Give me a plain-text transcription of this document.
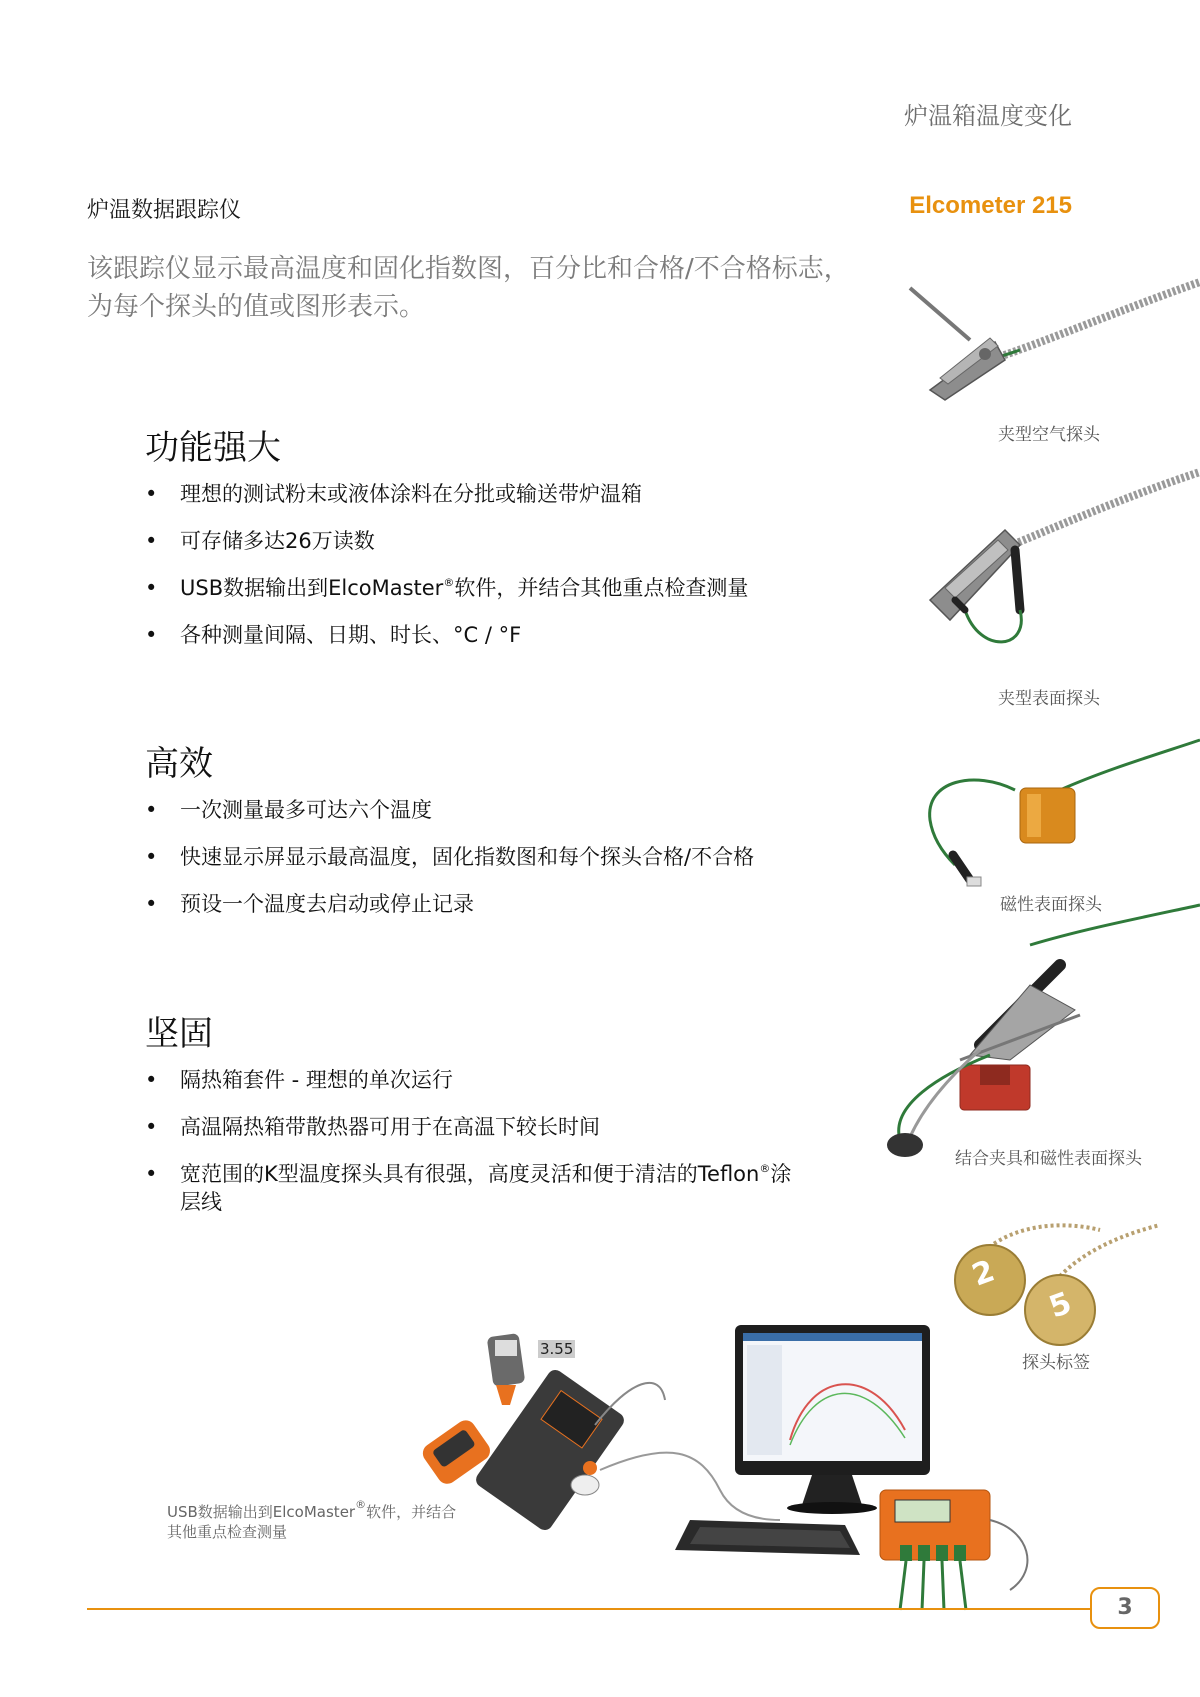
炉温箱温度变化
炉温数据跟踪仪	Elcometer 215
该跟踪仪显示最高温度和固化指数图，百分比和合格/不合格标志，为每个探头的值或图形表示。
功能强大
• 理想的测试粉末或液体涂料在分批或输送带炉温箱
• 可存储多达26万读数
• USB数据输出到ElcoMaster®软件，并结合其他重点检查测量
• 各种测量间隔、日期、时长、°C / °F
高效
• 一次测量最多可达六个温度
• 快速显示屏显示最高温度，固化指数图和每个探头合格/不合格
• 预设一个温度去启动或停止记录
坚固
• 隔热箱套件 - 理想的单次运行
• 高温隔热箱带散热器可用于在高温下较长时间
• 宽范围的K型温度探头具有很强，高度灵活和便于清洁的Teflon®涂层线
夹型空气探头
夹型表面探头
磁性表面探头
结合夹具和磁性表面探头
2
5
探头标签
3.55
USB数据输出到ElcoMaster®软件，并结合其他重点检查测量
3
